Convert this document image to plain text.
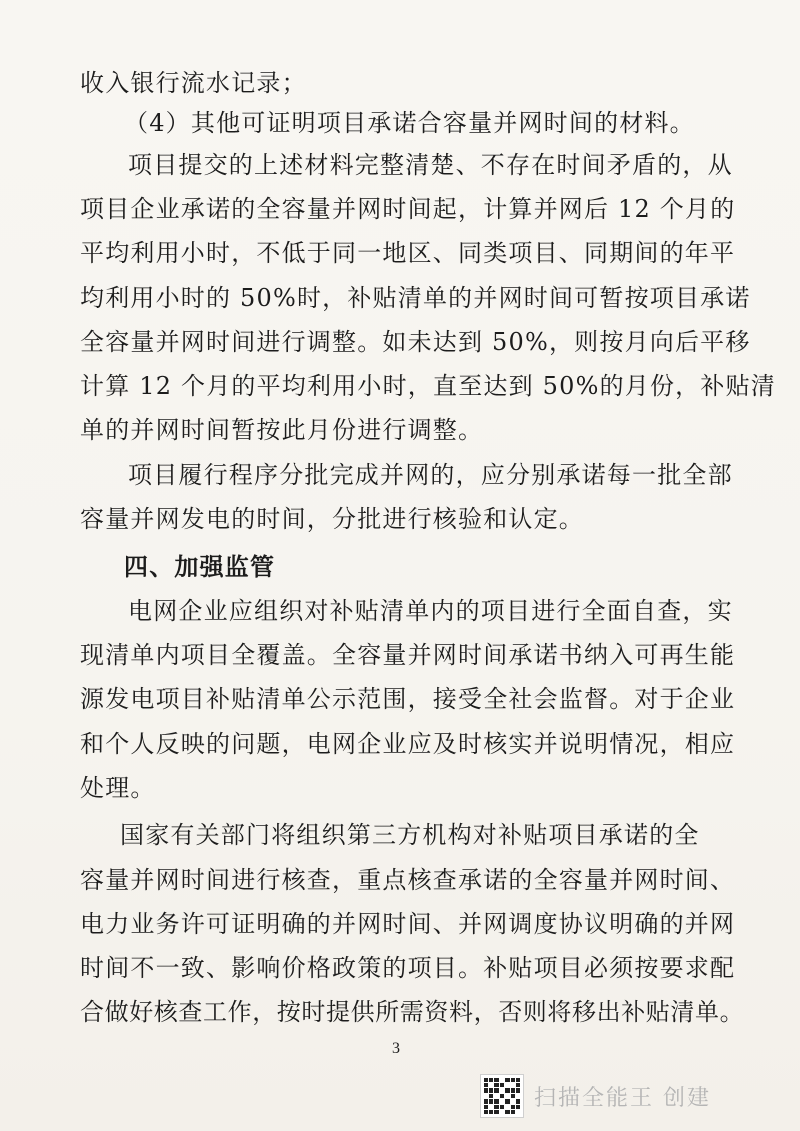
收入银行流水记录；
（4）其他可证明项目承诺合容量并网时间的材料。
项目提交的上述材料完整清楚、不存在时间矛盾的，从
项目企业承诺的全容量并网时间起，计算并网后 12 个月的
平均利用小时，不低于同一地区、同类项目、同期间的年平
均利用小时的 50%时，补贴清单的并网时间可暂按项目承诺
全容量并网时间进行调整。如未达到 50%，则按月向后平移
计算 12 个月的平均利用小时，直至达到 50%的月份，补贴清
单的并网时间暂按此月份进行调整。
项目履行程序分批完成并网的，应分别承诺每一批全部
容量并网发电的时间，分批进行核验和认定。
四、加强监管
电网企业应组织对补贴清单内的项目进行全面自查，实
现清单内项目全覆盖。全容量并网时间承诺书纳入可再生能
源发电项目补贴清单公示范围，接受全社会监督。对于企业
和个人反映的问题，电网企业应及时核实并说明情况，相应
处理。
国家有关部门将组织第三方机构对补贴项目承诺的全
容量并网时间进行核查，重点核查承诺的全容量并网时间、
电力业务许可证明确的并网时间、并网调度协议明确的并网
时间不一致、影响价格政策的项目。补贴项目必须按要求配
合做好核查工作，按时提供所需资料，否则将移出补贴清单。
3
扫描全能王 创建
